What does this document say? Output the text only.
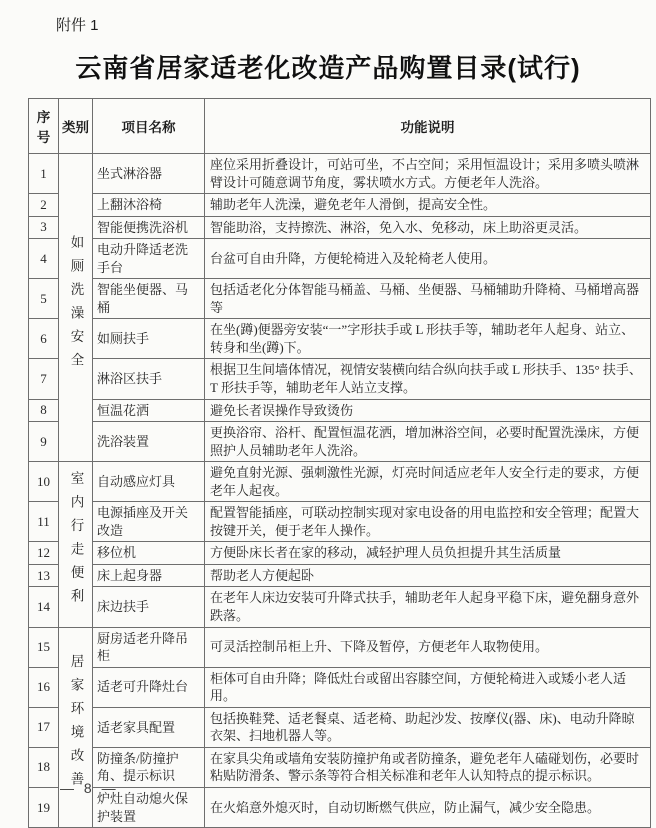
附件 1
云南省居家适老化改造产品购置目录(试行)
序号	类别	项目名称	功能说明
1	如厕洗澡安全	坐式淋浴器	座位采用折叠设计，可站可坐，不占空间；采用恒温设计；采用多喷头喷淋臂设计可随意调节角度，雾状喷水方式。方便老年人洗浴。
2		上翻沐浴椅	辅助老年人洗澡，避免老年人滑倒，提高安全性。
3		智能便携洗浴机	智能助浴，支持擦洗、淋浴，免入水、免移动，床上助浴更灵活。
4		电动升降适老洗手台	台盆可自由升降，方便轮椅进入及轮椅老人使用。
5		智能坐便器、马桶	包括适老化分体智能马桶盖、马桶、坐便器、马桶辅助升降椅、马桶增高器等
6		如厕扶手	在坐(蹲)便器旁安装“一”字形扶手或 L 形扶手等，辅助老年人起身、站立、转身和坐(蹲)下。
7		淋浴区扶手	根据卫生间墙体情况，视情安装横向结合纵向扶手或 L 形扶手、135° 扶手、T 形扶手等，辅助老年人站立支撑。
8		恒温花洒	避免长者误操作导致烫伤
9		洗浴装置	更换浴帘、浴杆、配置恒温花洒，增加淋浴空间，必要时配置洗澡床，方便照护人员辅助老年人洗浴。
10	室内行走便利	自动感应灯具	避免直射光源、强刺激性光源，灯亮时间适应老年人安全行走的要求，方便老年人起夜。
11		电源插座及开关改造	配置智能插座，可联动控制实现对家电设备的用电监控和安全管理；配置大按键开关，便于老年人操作。
12		移位机	方便卧床长者在家的移动，减轻护理人员负担提升其生活质量
13		床上起身器	帮助老人方便起卧
14		床边扶手	在老年人床边安装可升降式扶手，辅助老年人起身平稳下床，避免翻身意外跌落。
15	居家环境改善	厨房适老升降吊柜	可灵活控制吊柜上升、下降及暂停，方便老年人取物使用。
16		适老可升降灶台	柜体可自由升降；降低灶台或留出容膝空间，方便轮椅进入或矮小老人适用。
17		适老家具配置	包括换鞋凳、适老餐桌、适老椅、助起沙发、按摩仪(器、床)、电动升降晾衣架、扫地机器人等。
18		防撞条/防撞护角、提示标识	在家具尖角或墙角安装防撞护角或者防撞条，避免老年人磕碰划伤，必要时粘贴防滑条、警示条等符合相关标准和老年人认知特点的提示标识。
19		炉灶自动熄火保护装置	在火焰意外熄灭时，自动切断燃气供应，防止漏气，减少安全隐患。
— 8 —
